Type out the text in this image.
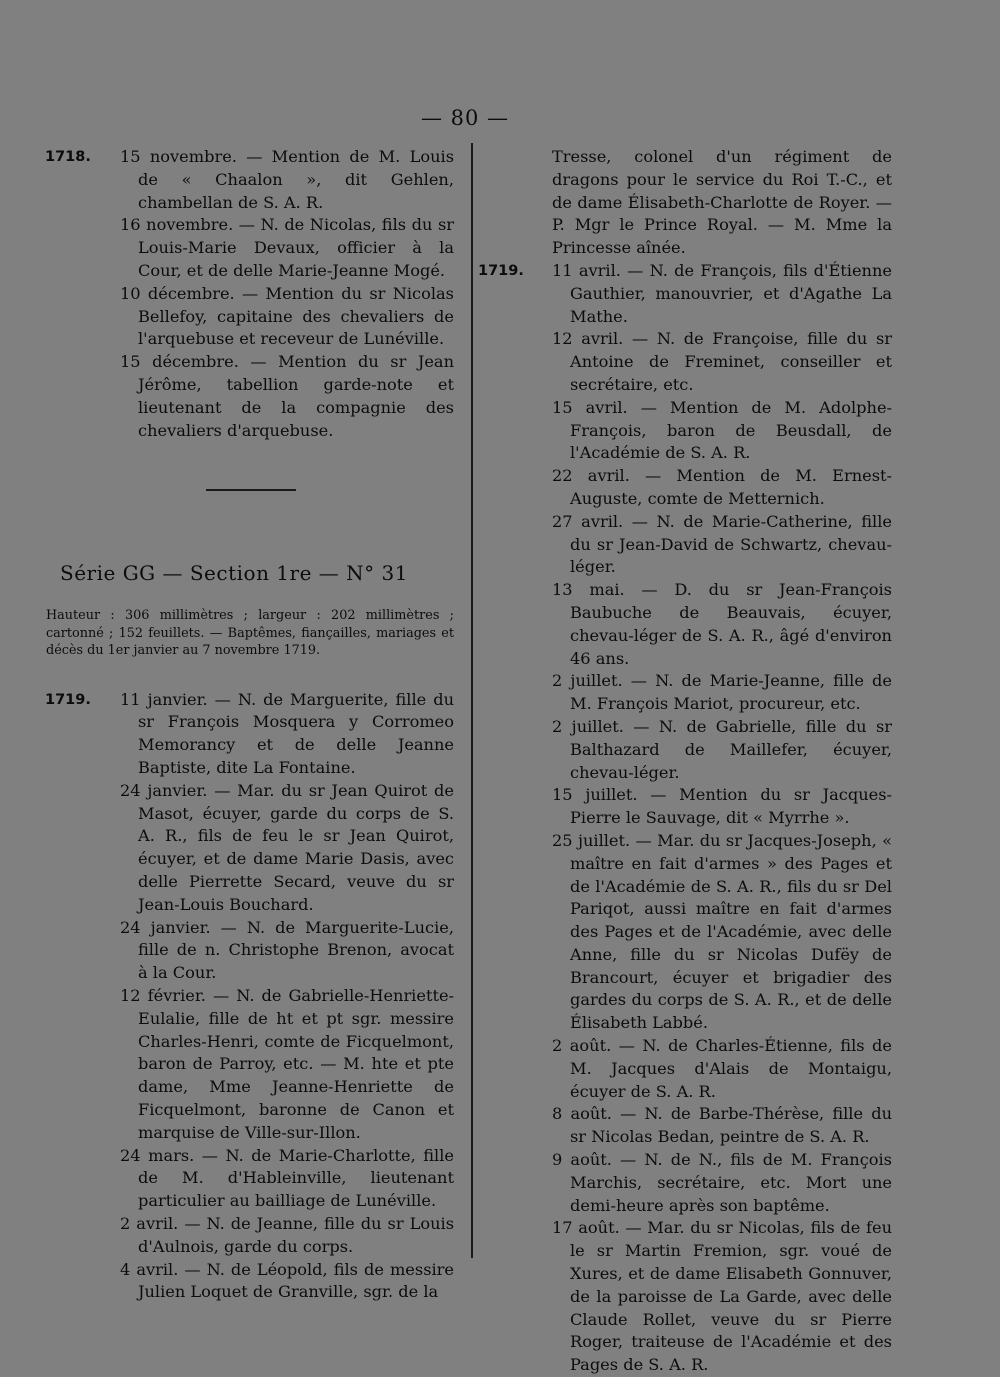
— 80 —
1718. 15 novembre. — Mention de M. Louis de « Chaalon », dit Gehlen, chambellan de S. A. R.
16 novembre. — N. de Nicolas, fils du sr Louis-Marie Devaux, officier à la Cour, et de delle Marie-Jeanne Mogé.
10 décembre. — Mention du sr Nicolas Bellefoy, capitaine des chevaliers de l'arquebuse et receveur de Lunéville.
15 décembre. — Mention du sr Jean Jérôme, tabellion garde-note et lieutenant de la compagnie des chevaliers d'arquebuse.
Série GG — Section 1re — N° 31
Hauteur : 306 millimètres ; largeur : 202 millimètres ; cartonné ; 152 feuillets. — Baptêmes, fiançailles, mariages et décès du 1er janvier au 7 novembre 1719.
1719. 11 janvier. — N. de Marguerite, fille du sr François Mosquera y Corromeo Memorancy et de delle Jeanne Baptiste, dite La Fontaine.
24 janvier. — Mar. du sr Jean Quirot de Masot, écuyer, garde du corps de S. A. R., fils de feu le sr Jean Quirot, écuyer, et de dame Marie Dasis, avec delle Pierrette Secard, veuve du sr Jean-Louis Bouchard.
24 janvier. — N. de Marguerite-Lucie, fille de n. Christophe Brenon, avocat à la Cour.
12 février. — N. de Gabrielle-Henriette-Eulalie, fille de ht et pt sgr. messire Charles-Henri, comte de Ficquelmont, baron de Parroy, etc. — M. hte et pte dame, Mme Jeanne-Henriette de Ficquelmont, baronne de Canon et marquise de Ville-sur-Illon.
24 mars. — N. de Marie-Charlotte, fille de M. d'Hableinville, lieutenant particulier au bailliage de Lunéville.
2 avril. — N. de Jeanne, fille du sr Louis d'Aulnois, garde du corps.
4 avril. — N. de Léopold, fils de messire Julien Loquet de Granville, sgr. de la
Tresse, colonel d'un régiment de dragons pour le service du Roi T.-C., et de dame Élisabeth-Charlotte de Royer. — P. Mgr le Prince Royal. — M. Mme la Princesse aînée.
1719. 11 avril. — N. de François, fils d'Étienne Gauthier, manouvrier, et d'Agathe La Mathe.
12 avril. — N. de Françoise, fille du sr Antoine de Freminet, conseiller et secrétaire, etc.
15 avril. — Mention de M. Adolphe-François, baron de Beusdall, de l'Académie de S. A. R.
22 avril. — Mention de M. Ernest-Auguste, comte de Metternich.
27 avril. — N. de Marie-Catherine, fille du sr Jean-David de Schwartz, chevau-léger.
13 mai. — D. du sr Jean-François Baubuche de Beauvais, écuyer, chevau-léger de S. A. R., âgé d'environ 46 ans.
2 juillet. — N. de Marie-Jeanne, fille de M. François Mariot, procureur, etc.
2 juillet. — N. de Gabrielle, fille du sr Balthazard de Maillefer, écuyer, chevau-léger.
15 juillet. — Mention du sr Jacques-Pierre le Sauvage, dit « Myrrhe ».
25 juillet. — Mar. du sr Jacques-Joseph, « maître en fait d'armes » des Pages et de l'Académie de S. A. R., fils du sr Del Pariqot, aussi maître en fait d'armes des Pages et de l'Académie, avec delle Anne, fille du sr Nicolas Dufëy de Brancourt, écuyer et brigadier des gardes du corps de S. A. R., et de delle Élisabeth Labbé.
2 août. — N. de Charles-Étienne, fils de M. Jacques d'Alais de Montaigu, écuyer de S. A. R.
8 août. — N. de Barbe-Thérèse, fille du sr Nicolas Bedan, peintre de S. A. R.
9 août. — N. de N., fils de M. François Marchis, secrétaire, etc. Mort une demi-heure après son baptême.
17 août. — Mar. du sr Nicolas, fils de feu le sr Martin Fremion, sgr. voué de Xures, et de dame Elisabeth Gonnuver, de la paroisse de La Garde, avec delle Claude Rollet, veuve du sr Pierre Roger, traiteuse de l'Académie et des Pages de S. A. R.
